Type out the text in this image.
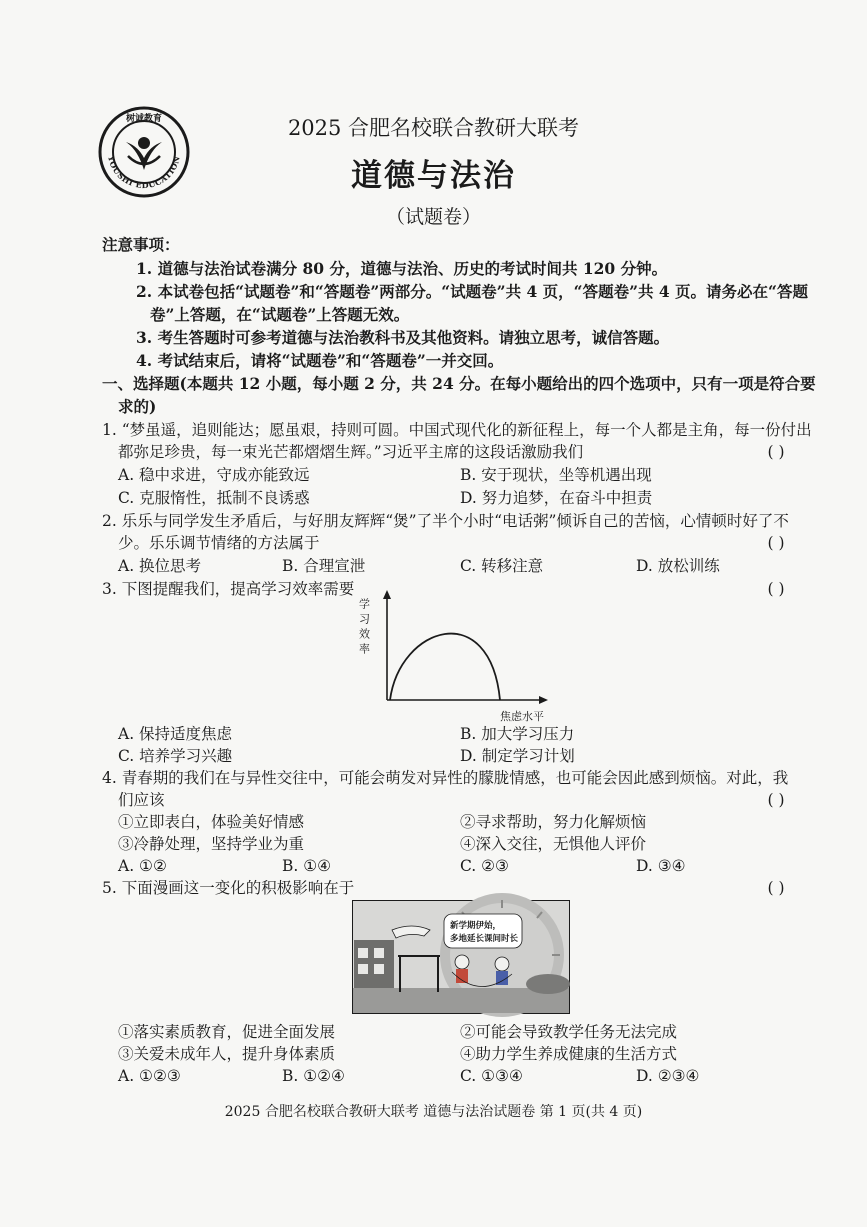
树诚教育
YOUSHI EDUCATION
2025 合肥名校联合教研大联考
道德与法治
（试题卷）
注意事项：
1. 道德与法治试卷满分 80 分，道德与法治、历史的考试时间共 120 分钟。
2. 本试卷包括“试题卷”和“答题卷”两部分。“试题卷”共 4 页，“答题卷”共 4 页。请务必在“答题
卷”上答题，在“试题卷”上答题无效。
3. 考生答题时可参考道德与法治教科书及其他资料。请独立思考，诚信答题。
4. 考试结束后，请将“试题卷”和“答题卷”一并交回。
一、选择题(本题共 12 小题，每小题 2 分，共 24 分。在每小题给出的四个选项中，只有一项是符合要
求的)
1. “梦虽遥，追则能达；愿虽艰，持则可圆。中国式现代化的新征程上，每一个人都是主角，每一份付出
都弥足珍贵，每一束光芒都熠熠生辉。”习近平主席的这段话激励我们	( )
A. 稳中求进，守成亦能致远	B. 安于现状，坐等机遇出现
C. 克服惰性，抵制不良诱惑	D. 努力追梦，在奋斗中担责
2. 乐乐与同学发生矛盾后，与好朋友辉辉“煲”了半个小时“电话粥”倾诉自己的苦恼，心情顿时好了不
少。乐乐调节情绪的方法属于	( )
A. 换位思考	B. 合理宣泄	C. 转移注意	D. 放松训练
3. 下图提醒我们，提高学习效率需要	( )
学习效率
焦虑水平
A. 保持适度焦虑	B. 加大学习压力
C. 培养学习兴趣	D. 制定学习计划
4. 青春期的我们在与异性交往中，可能会萌发对异性的朦胧情感，也可能会因此感到烦恼。对此，我
们应该	( )
①立即表白，体验美好情感	②寻求帮助，努力化解烦恼
③冷静处理，坚持学业为重	④深入交往，无惧他人评价
A. ①②	B. ①④	C. ②③	D. ③④
5. 下面漫画这一变化的积极影响在于	( )
新学期伊始，
多地延长课间时长
①落实素质教育，促进全面发展	②可能会导致教学任务无法完成
③关爱未成年人，提升身体素质	④助力学生养成健康的生活方式
A. ①②③	B. ①②④	C. ①③④	D. ②③④
2025 合肥名校联合教研大联考 道德与法治试题卷 第 1 页(共 4 页)
